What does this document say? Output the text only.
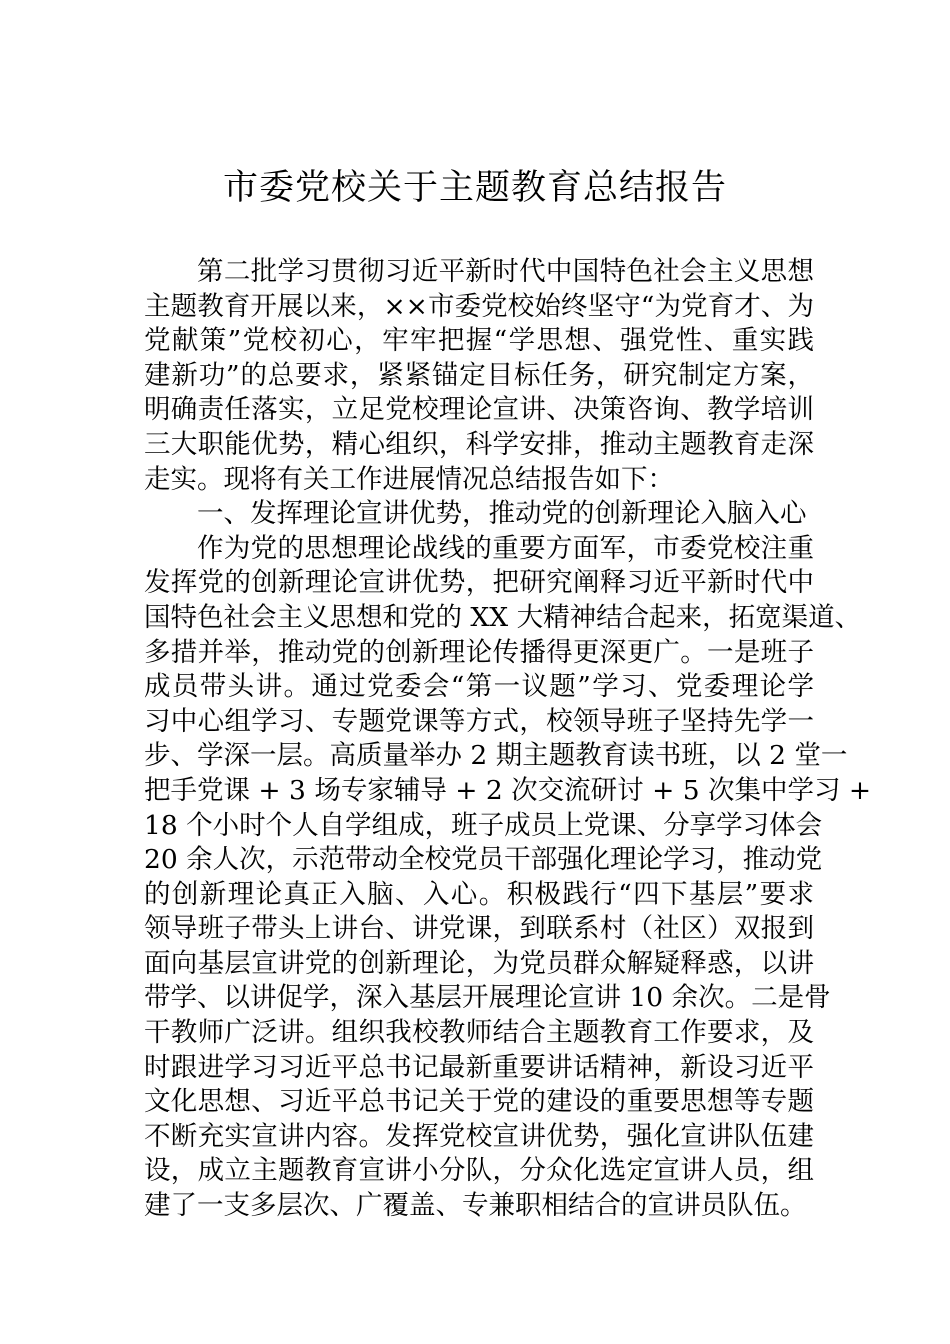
市委党校关于主题教育总结报告
第二批学习贯彻习近平新时代中国特色社会主义思想
主题教育开展以来，××市委党校始终坚守“为党育才、为
党献策”党校初心，牢牢把握“学思想、强党性、重实践
建新功”的总要求，紧紧锚定目标任务，研究制定方案，
明确责任落实，立足党校理论宣讲、决策咨询、教学培训
三大职能优势，精心组织，科学安排，推动主题教育走深
走实。现将有关工作进展情况总结报告如下：
一、发挥理论宣讲优势，推动党的创新理论入脑入心
作为党的思想理论战线的重要方面军，市委党校注重
发挥党的创新理论宣讲优势，把研究阐释习近平新时代中
国特色社会主义思想和党的 XX 大精神结合起来，拓宽渠道、
多措并举，推动党的创新理论传播得更深更广。一是班子
成员带头讲。通过党委会“第一议题”学习、党委理论学
习中心组学习、专题党课等方式，校领导班子坚持先学一
步、学深一层。高质量举办 2 期主题教育读书班，以 2 堂一
把手党课 + 3 场专家辅导 + 2 次交流研讨 + 5 次集中学习 +
18 个小时个人自学组成，班子成员上党课、分享学习体会
20 余人次，示范带动全校党员干部强化理论学习，推动党
的创新理论真正入脑、入心。积极践行“四下基层”要求
领导班子带头上讲台、讲党课，到联系村（社区）双报到
面向基层宣讲党的创新理论，为党员群众解疑释惑，以讲
带学、以讲促学，深入基层开展理论宣讲 10 余次。二是骨
干教师广泛讲。组织我校教师结合主题教育工作要求，及
时跟进学习习近平总书记最新重要讲话精神，新设习近平
文化思想、习近平总书记关于党的建设的重要思想等专题
不断充实宣讲内容。发挥党校宣讲优势，强化宣讲队伍建
设，成立主题教育宣讲小分队，分众化选定宣讲人员，组
建了一支多层次、广覆盖、专兼职相结合的宣讲员队伍。
